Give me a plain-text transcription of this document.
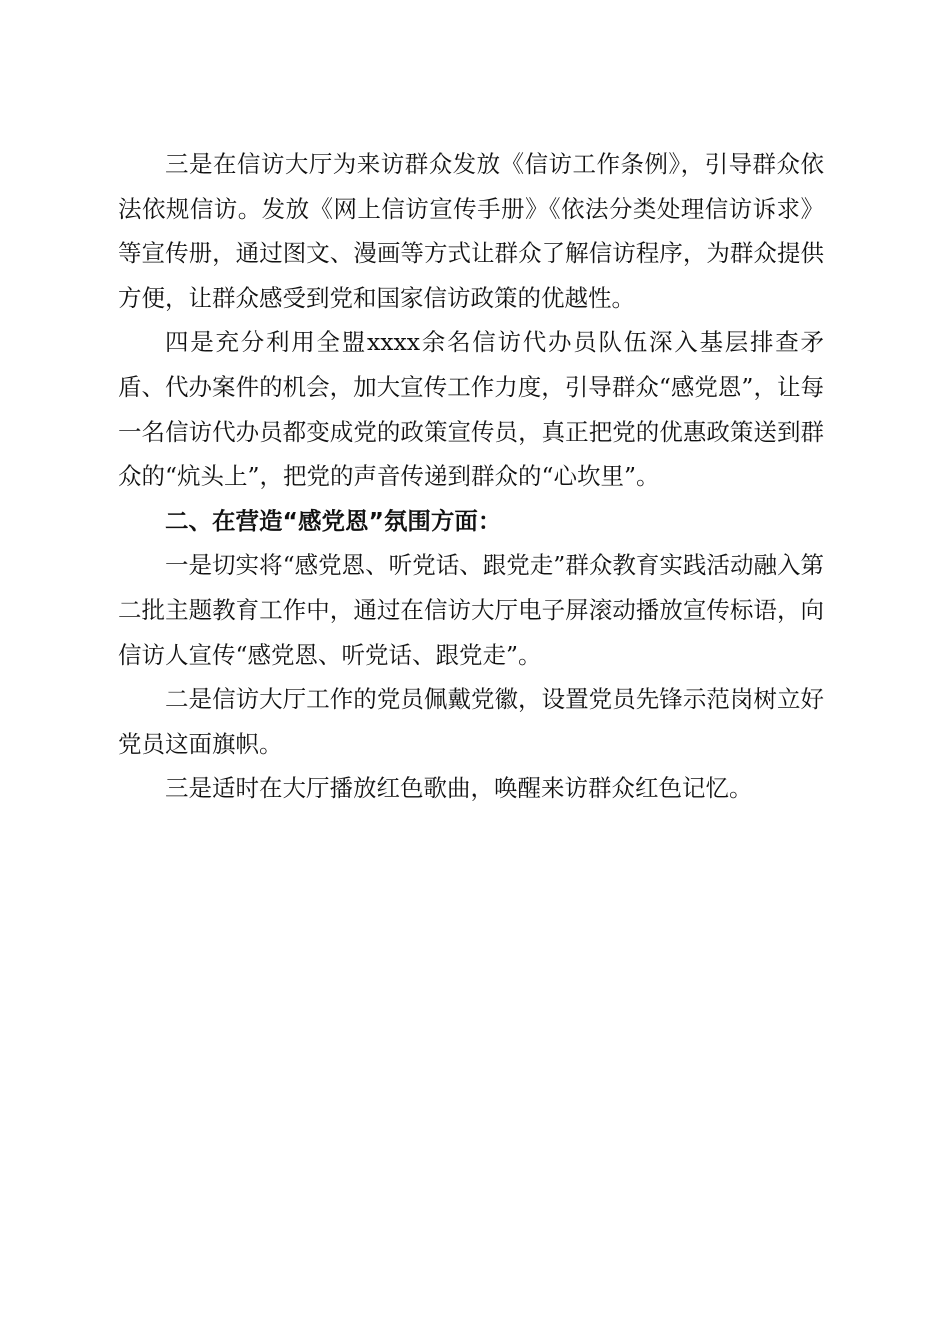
三是在信访大厅为来访群众发放《信访工作条例》，引导群众依法依规信访。发放《网上信访宣传手册》《依法分类处理信访诉求》等宣传册，通过图文、漫画等方式让群众了解信访程序，为群众提供方便，让群众感受到党和国家信访政策的优越性。

四是充分利用全盟xxxx余名信访代办员队伍深入基层排查矛盾、代办案件的机会，加大宣传工作力度，引导群众“感党恩”，让每一名信访代办员都变成党的政策宣传员，真正把党的优惠政策送到群众的“炕头上”，把党的声音传递到群众的“心坎里”。

二、在营造“感党恩”氛围方面：

一是切实将“感党恩、听党话、跟党走”群众教育实践活动融入第二批主题教育工作中，通过在信访大厅电子屏滚动播放宣传标语，向信访人宣传“感党恩、听党话、跟党走”。

二是信访大厅工作的党员佩戴党徽，设置党员先锋示范岗树立好党员这面旗帜。

三是适时在大厅播放红色歌曲，唤醒来访群众红色记忆。
